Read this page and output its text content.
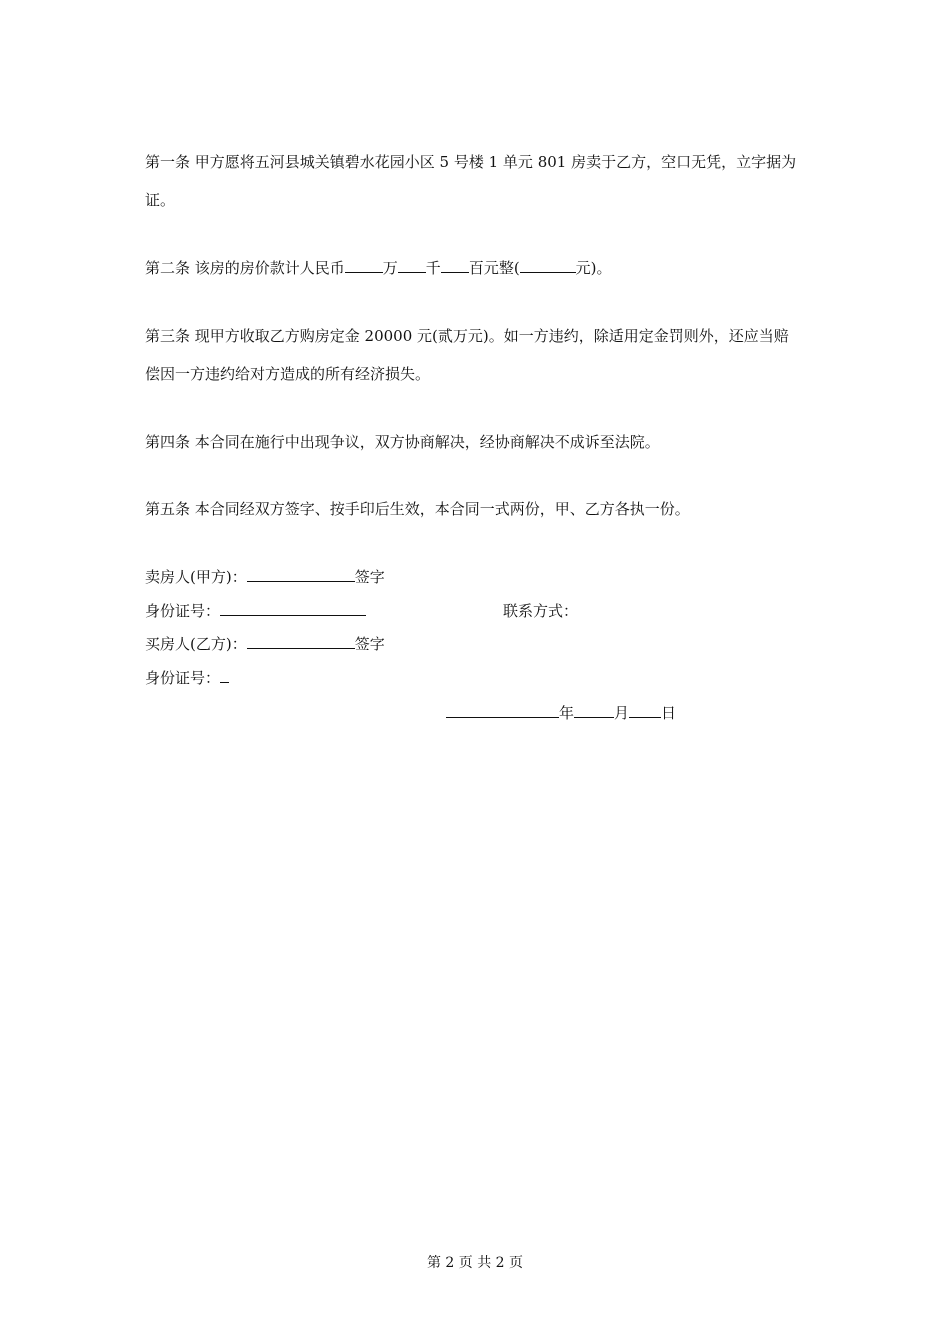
第一条 甲方愿将五河县城关镇碧水花园小区 5 号楼 1 单元 801 房卖于乙方，空口无凭，立字据为
证。
第二条 该房的房价款计人民币	万 千 百元整(	元)。
第三条 现甲方收取乙方购房定金 20000 元(贰万元)。如一方违约，除适用定金罚则外，还应当赔
偿因一方违约给对方造成的所有经济损失。
第四条 本合同在施行中出现争议，双方协商解决，经协商解决不成诉至法院。
第五条 本合同经双方签字、按手印后生效，本合同一式两份，甲、乙方各执一份。
卖房人(甲方)：	签字
身份证号：	联系方式：
买房人(乙方)：	签字
身份证号：
年	月 日
第 2 页 共 2 页
